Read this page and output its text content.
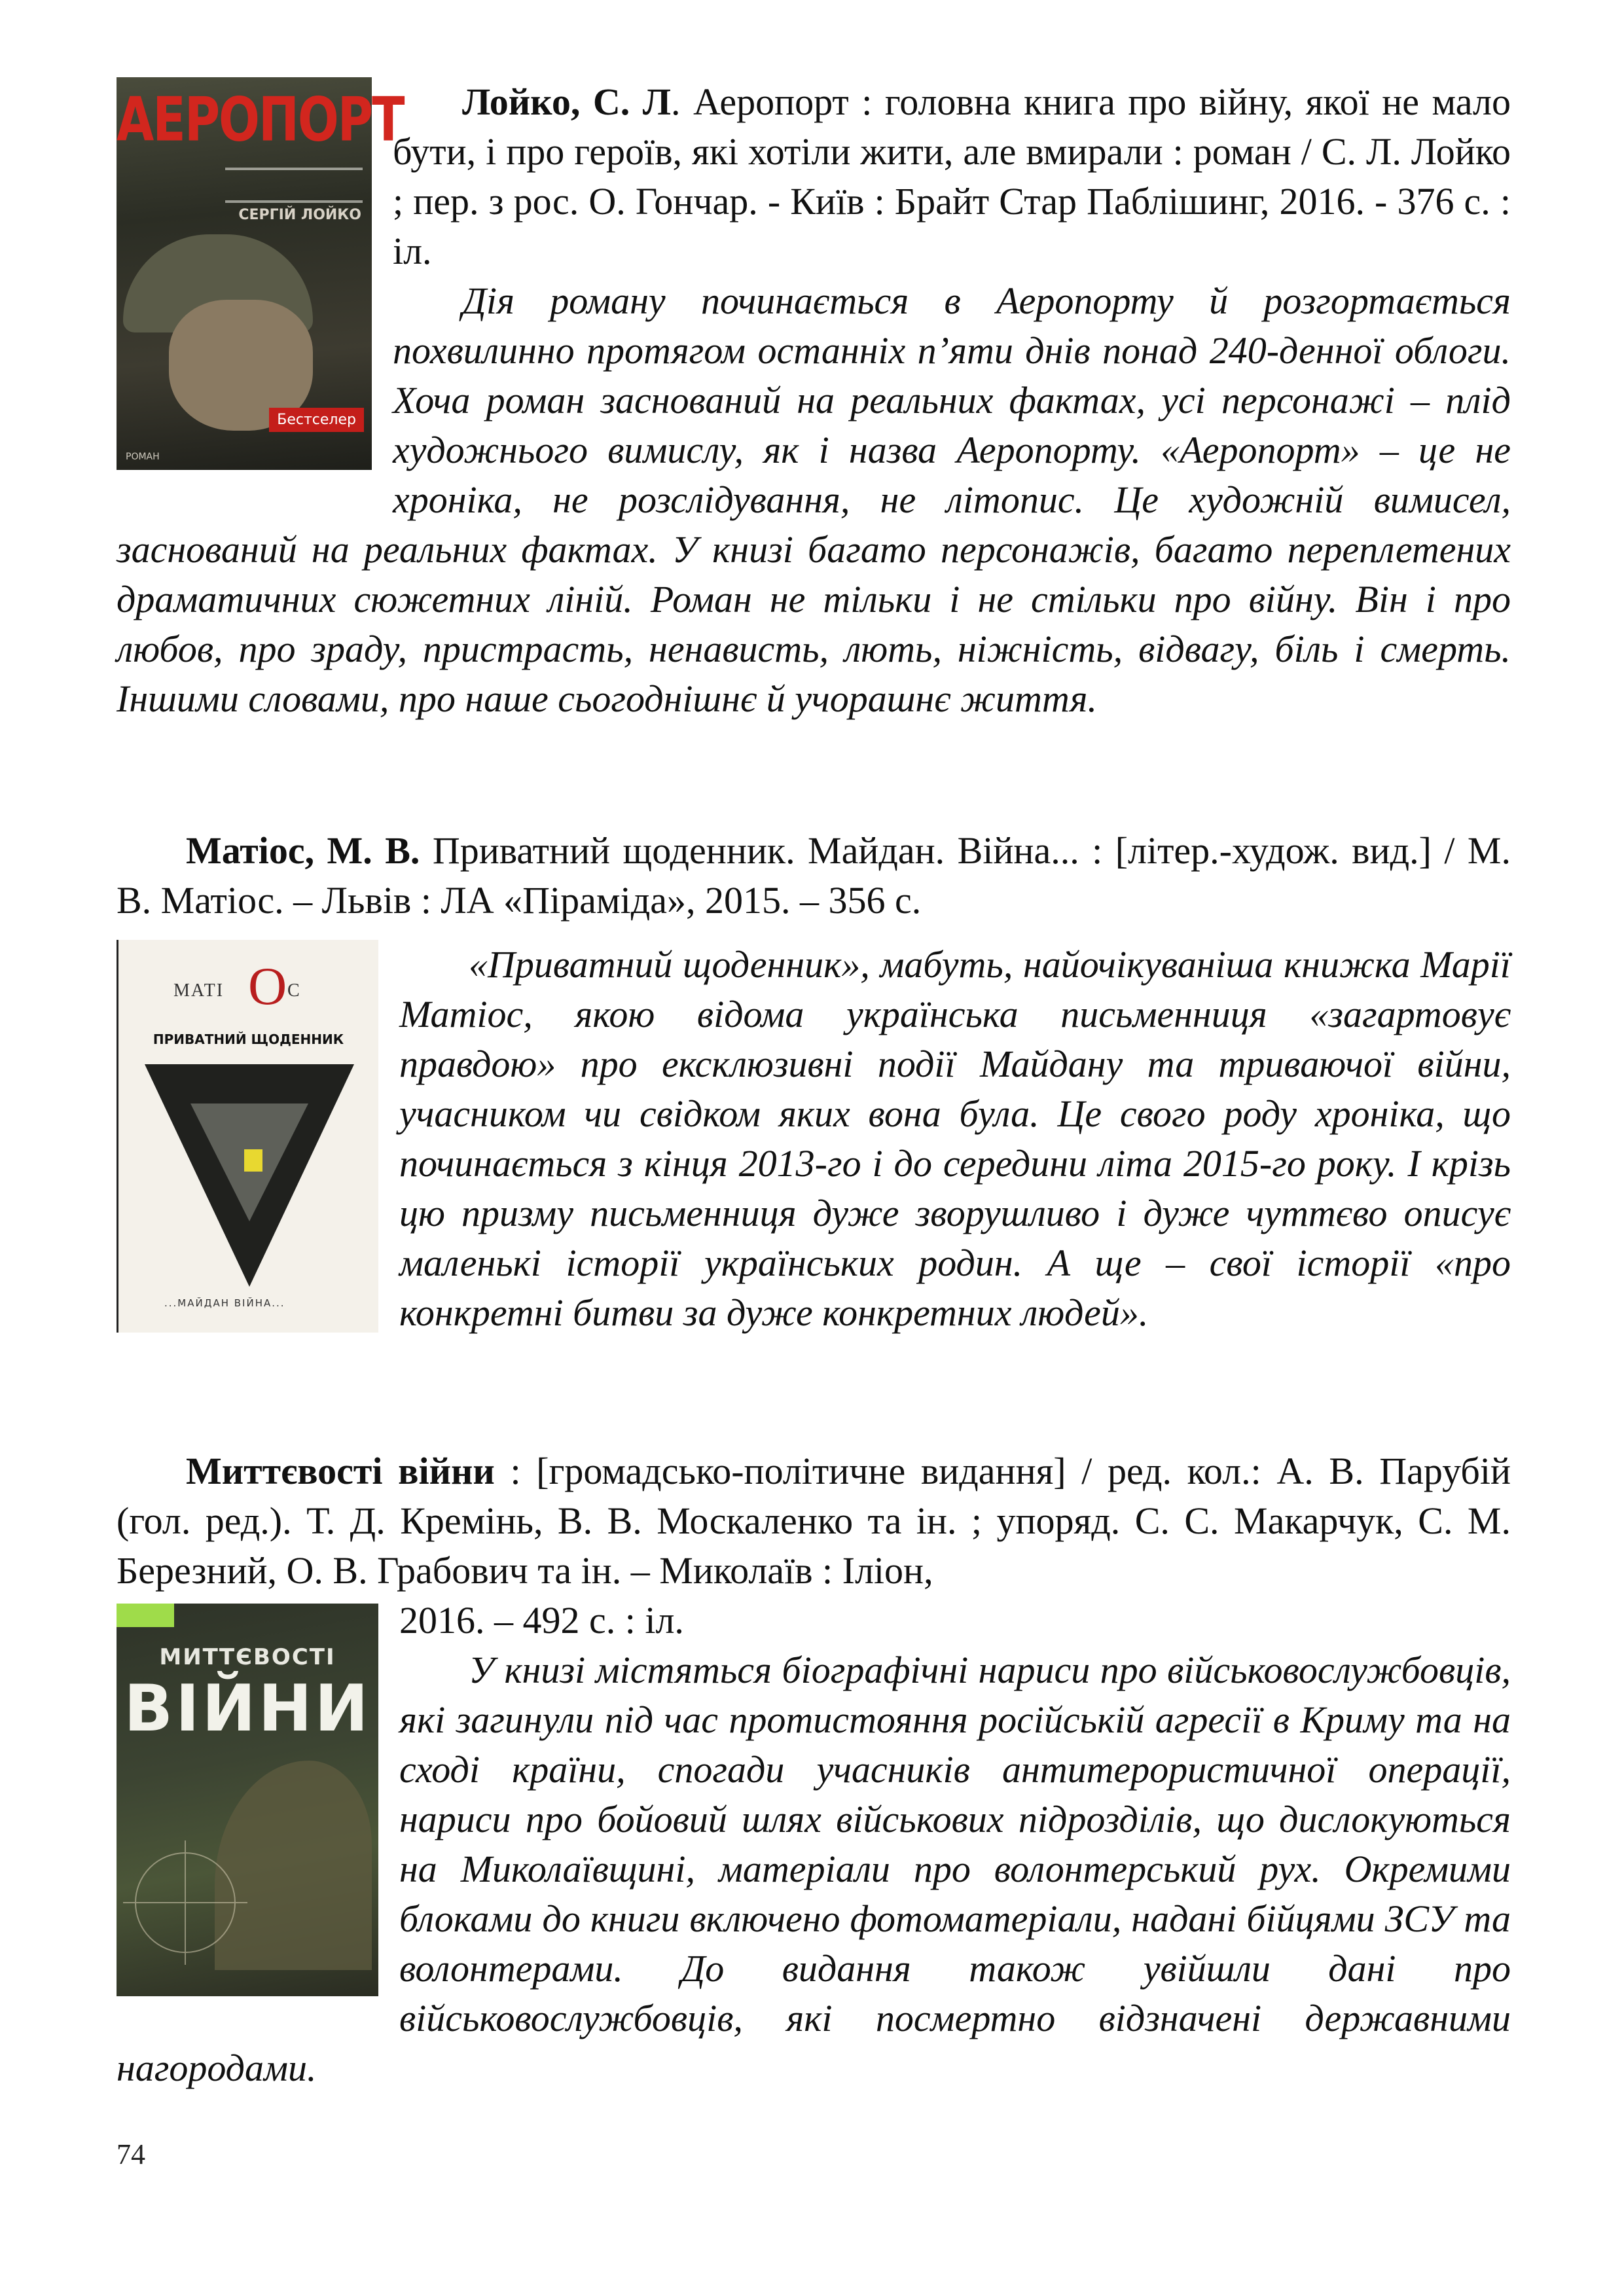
АЕРОПОРТ
СЕРГІЙ ЛОЙКО
Бестселер
РОМАН

Лойко, С. Л. Аеропорт : головна книга про війну, якої не мало бути, і про героїв, які хотіли жити, але вмирали : роман / С. Л. Лойко ; пер. з рос. О. Гончар. - Київ : Брайт Стар Паблішинг, 2016. - 376 с. : іл.

Дія роману починається в Аеропорту й розгортається похвилинно протягом останніх п’яти днів понад 240-денної облоги. Хоча роман заснований на реальних фактах, усі персонажі – плід художнього вимислу, як і назва Аеропорту. «Аеропорт» – це не хроніка, не розслідування, не літопис. Це художній вимисел, заснований на реальних фактах. У книзі багато персонажів, багато переплетених драматичних сюжетних ліній. Роман не тільки і не стільки про війну. Він і про любов, про зраду, пристрасть, ненависть, лють, ніжність, відвагу, біль і смерть. Іншими словами, про наше сьогоднішнє й учорашнє життя.

Матіос, М. В. Приватний щоденник. Майдан. Війна... : [літер.-худож. вид.] / М. В. Матіос. – Львів : ЛА «Піраміда», 2015. – 356 с.

МАТІ О С
ПРИВАТНИЙ ЩОДЕННИК
...МАЙДАН ВІЙНА...

«Приватний щоденник», мабуть, найочікуваніша книжка Марії Матіос, якою відома українська письменниця «загартовує правдою» про ексклюзивні події Майдану та триваючої війни, учасником чи свідком яких вона була. Це свого роду хроніка, що починається з кінця 2013-го і до середини літа 2015-го року. І крізь цю призму письменниця дуже зворушливо і дуже чуттєво описує маленькі історії українських родин. А ще – свої історії «про конкретні битви за дуже конкретних людей».

Миттєвості війни : [громадсько-політичне видання] / ред. кол.: А. В. Парубій (гол. ред.). Т. Д. Кремінь, В. В. Москаленко та ін. ; упоряд. С. С. Макарчук, С. М. Березний, О. В. Грабович та ін. – Миколаїв : Іліон,

МИТТЄВОСТІ
ВІЙНИ

2016. – 492 с. : іл.

У книзі містяться біографічні нариси про військовослужбовців, які загинули під час протистояння російській агресії в Криму та на сході країни, спогади учасників антитерористичної операції, нариси про бойовий шлях військових підрозділів, що дислокуються на Миколаївщині, матеріали про волонтерський рух. Окремими блоками до книги включено фотоматеріали, надані бійцями ЗСУ та волонтерами. До видання також увійшли дані про військовослужбовців, які посмертно відзначені державними нагородами.

74
